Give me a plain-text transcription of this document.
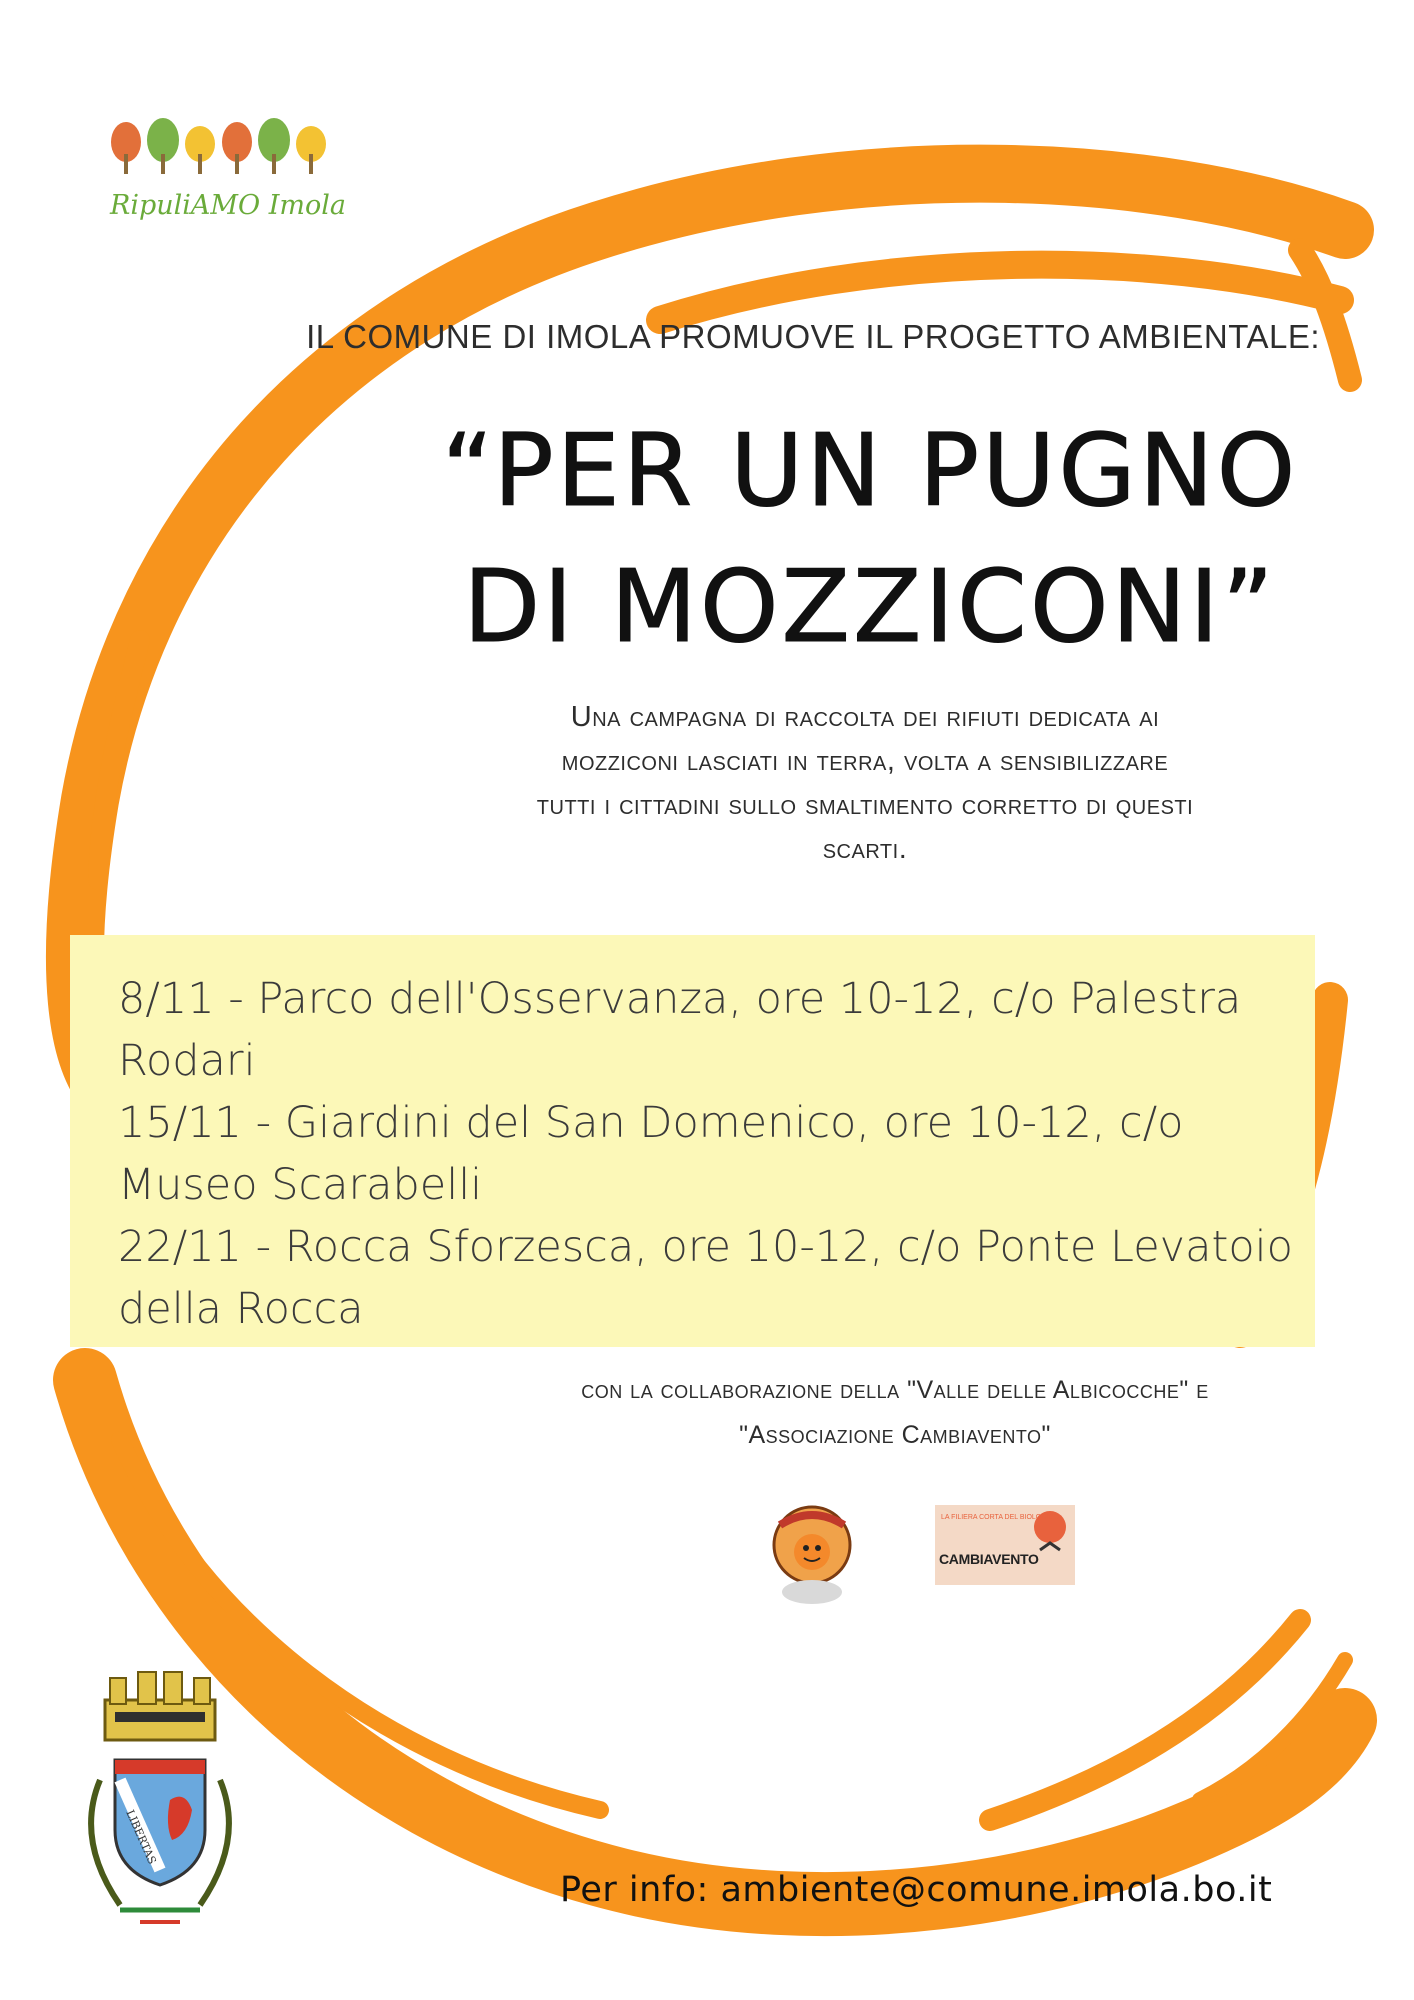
RipuliAMO Imola
IL COMUNE DI IMOLA PROMUOVE IL PROGETTO AMBIENTALE:
“PER UN PUGNO
DI MOZZICONI”
Una campagna di raccolta dei rifiuti dedicata ai
mozziconi lasciati in terra, volta a sensibilizzare
tutti i cittadini sullo smaltimento corretto di questi
scarti.
8/11 - Parco dell'Osservanza, ore 10-12, c/o Palestra Rodari
15/11 - Giardini del San Domenico, ore 10-12, c/o Museo Scarabelli
22/11 - Rocca Sforzesca, ore 10-12, c/o Ponte Levatoio della Rocca
con la collaborazione della "Valle delle Albicocche" e
"Associazione Cambiavento"
LA FILIERA CORTA DEL BIOLOGICO
CAMBIAVENTO
LIBERTAS
Per info: ambiente@comune.imola.bo.it
